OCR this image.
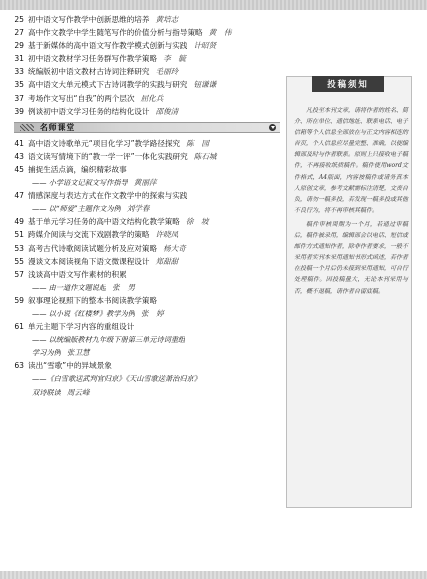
25 初中语文写作教学中创新思维的培养 黄培志
27 高中作文教学中学生随笔写作的价值分析与指导策略 黄　伟
29 基于新媒体的高中语文写作教学模式创新与实践 计昭贤
31 初中语文教材学习任务群写作教学策略 李　毓
33 统编版初中语文教材古诗词注释研究 毛丽玲
35 高中语文大单元模式下古诗词教学的实践与研究 钮谦谦
37 考场作文写出“自我”的两个层次 屈化兵
39 例谈初中语文学习任务的结构化设计 邵俊清
名师课堂
41 高中语文诗歌单元“项目化学习”教学路径探究 陈　园
43 语文读写情境下的“教一学一评”一体化实践研究 陈石城
45 捕捉生活点滴，编织精彩故事
—— 小学语文记叙文写作指导 黄丽萍
47 情感深度与表达方式在作文教学中的探索与实践
—— 以“师爱”主题作文为例 刘学春
49 基于单元学习任务的高中语文结构化教学策略 徐　坡
51 跨媒介阅读与交流下戏剧教学的策略 许晓凤
53 高考古代诗歌阅读试题分析及应对策略 杨大奇
55 漫谈文本阅读视角下语文微课程设计 郑甜甜
57 浅谈高中语文写作素材的积累
—— 由一道作文题说起 张　男
59 叙事理论视照下的整本书阅读教学策略
—— 以小说《红楼梦》教学为例 张　婷
61 单元主题下学习内容的重组设计
—— 以统编版教材九年级下册第三单元诗词重组
学习为例 张卫慧
63 读出“雪歌”中的异域景象
——《白雪歌送武判官归京》《天山雪歌送萧治归京》
双诗联读 周云峰
投稿须知

凡投至本刊文章，请将作者的姓名、简介、所在单位、通信地址、联系电话、电子信箱等个人信息全部放在与正文内容相连的首页，个人信息应尽量完整、准确，以便编辑部及时与作者联系。原则上只接收电子稿件，不再接收纸质稿件。稿件使用word文件格式，A4版面，内容按稿件或请务真本人原创文章，参考文献需标注清楚，文责自负，请勿一稿多投，若发现一稿多投或其他不良行为，将不再审核其稿件。

稿件审核周期为一个月，若通过审稿后，稿件被录用，编辑部会以电话、短信或邮件方式通知作者，除非作者要求，一般不采用者实刊本采用通知书形式函述，若作者在投稿一个月后仍未接到采用通知，可自行处理稿件。因投稿量大，无论本刊采用与否，概不退稿，请作者自留底稿。
